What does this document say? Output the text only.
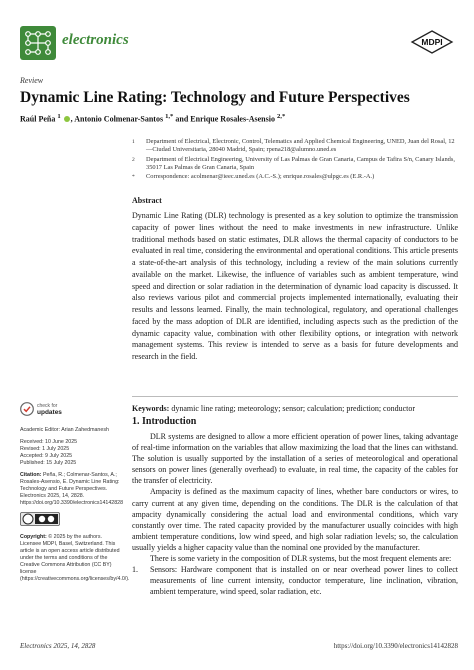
electronics	MDPI
Review
Dynamic Line Rating: Technology and Future Perspectives
Raúl Peña $^1$ , Antonio Colmenar-Santos $^{1,*}$ and Enrique Rosales-Asensio $^{2,*}$
1 Department of Electrical, Electronic, Control, Telematics and Applied Chemical Engineering, UNED, Juan del Rosal, 12—Ciudad Universitaria, 28040 Madrid, Spain; rpena218@alumno.uned.es
2 Department of Electrical Engineering, University of Las Palmas de Gran Canaria, Campus de Tafira S/n, Canary Islands, 35017 Las Palmas de Gran Canaria, Spain
* Correspondence: acolmenar@ieec.uned.es (A.C.-S.); enrique.rosales@ulpgc.es (E.R.-A.)
Abstract
Dynamic Line Rating (DLR) technology is presented as a key solution to optimize the transmission capacity of power lines without the need to make investments in new infrastructure. Unlike traditional methods based on static estimates, DLR allows the thermal capacity of conductors to be evaluated in real time, considering the environmental and operational conditions. This article presents a state-of-the-art analysis of this technology, including a review of the main solutions currently available on the market. Likewise, the influence of variables such as ambient temperature, wind speed and direction or solar radiation in the determination of dynamic load capacity is discussed. It also reviews various pilot and commercial projects implemented internationally, evaluating their results and lessons learned. Finally, the main technological, regulatory, and operational challenges faced by the mass adoption of DLR are identified, including aspects such as the prediction of the dynamic capacity value, combination with other flexibility options, or integration with network management systems. This review is intended to serve as a basis for future developments and research in the field.
Keywords: dynamic line rating; meteorology; sensor; calculation; prediction; conductor
check for
updates
Academic Editor: Arian Zahedmanesh
Received: 10 June 2025
Revised: 1 July 2025
Accepted: 9 July 2025
Published: 15 July 2025
Citation: Peña, R.; Colmenar-Santos, A.; Rosales-Asensio, E. Dynamic Line Rating: Technology and Future Perspectives. Electronics 2025, 14, 2828. https://doi.org/10.3390/electronics14142828
Copyright: © 2025 by the authors. Licensee MDPI, Basel, Switzerland. This article is an open access article distributed under the terms and conditions of the Creative Commons Attribution (CC BY) license (https://creativecommons.org/licenses/by/4.0/).
1. Introduction

DLR systems are designed to allow a more efficient operation of power lines, taking advantage of real-time information on the variables that allow maximizing the load that the lines can withstand. The solution is usually supported by the installation of a series of meteorological and operational sensors on power lines (generally overhead) to evaluate, in real time, the capacity of the cables for the transfer of electricity.

Ampacity is defined as the maximum capacity of lines, whether bare conductors or wires, to carry current at any given time, depending on the conditions. The DLR is the calculation of that ampacity dynamically considering the actual load and environmental conditions, which vary constantly over time. The rated capacity provided by the manufacturer usually coincides with high ambient temperature conditions, low wind speed, and high solar radiation levels; so, the calculation usually yields a higher capacity value than the nominal one provided by the manufacturer.

There is some variety in the composition of DLR systems, but the most frequent elements are:

1. Sensors: Hardware component that is installed on or near overhead power lines to collect measurements of line current intensity, conductor temperature, line inclination, vibration, ambient temperature, wind speed, solar radiation, etc.

Electronics 2025, 14, 2828	https://doi.org/10.3390/electronics14142828
